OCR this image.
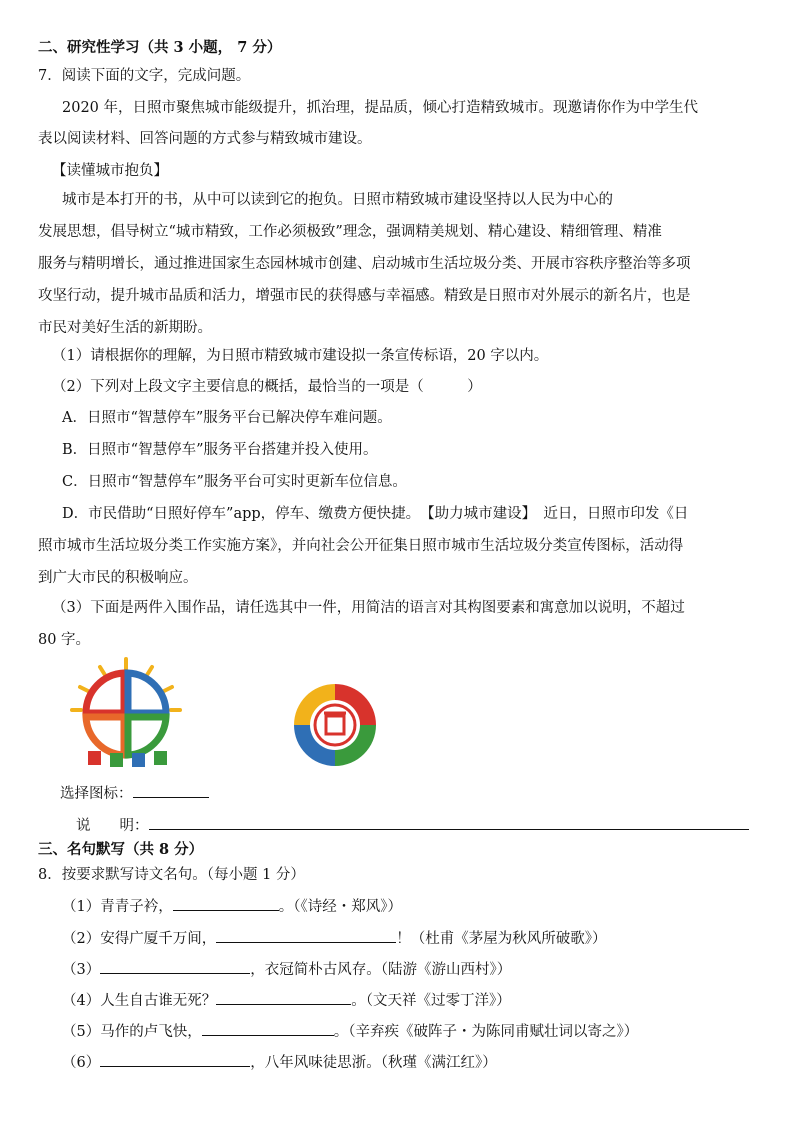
二、研究性学习（共 3 小题， 7 分）
7．阅读下面的文字，完成问题。
2020 年，日照市聚焦城市能级提升，抓治理，提品质，倾心打造精致城市。现邀请你作为中学生代
表以阅读材料、回答问题的方式参与精致城市建设。
【读懂城市抱负】
城市是本打开的书，从中可以读到它的抱负。日照市精致城市建设坚持以人民为中心的
发展思想，倡导树立“城市精致，工作必须极致”理念，强调精美规划、精心建设、精细管理、精准
服务与精明增长，通过推进国家生态园林城市创建、启动城市生活垃圾分类、开展市容秩序整治等多项
攻坚行动，提升城市品质和活力，增强市民的获得感与幸福感。精致是日照市对外展示的新名片，也是
市民对美好生活的新期盼。
（1）请根据你的理解，为日照市精致城市建设拟一条宣传标语，20 字以内。
（2）下列对上段文字主要信息的概括，最恰当的一项是（　　　）
A．日照市“智慧停车”服务平台已解决停车难问题。
B．日照市“智慧停车”服务平台搭建并投入使用。
C．日照市“智慧停车”服务平台可实时更新车位信息。
D．市民借助“日照好停车”app，停车、缴费方便快捷。　【助力城市建设】　近日，日照市印发《日
照市城市生活垃圾分类工作实施方案》，并向社会公开征集日照市城市生活垃圾分类宣传图标，活动得
到广大市民的积极响应。
（3）下面是两件入围作品，请任选其中一件，用简洁的语言对其构图要素和寓意加以说明，不超过
80 字。
选择图标：
说　　明：
三、名句默写（共 8 分）
8．按要求默写诗文名句。（每小题 1 分）
（1）青青子衿，	。（《诗经・郑风》）
（2）安得广厦千万间，	！（杜甫《茅屋为秋风所破歌》）
（3）	，衣冠简朴古风存。（陆游《游山西村》）
（4）人生自古谁无死？	。（文天祥《过零丁洋》）
（5）马作的卢飞快，	。（辛弃疾《破阵子・为陈同甫赋壮词以寄之》）
（6）	，八年风味徒思浙。（秋瑾《满江红》）
